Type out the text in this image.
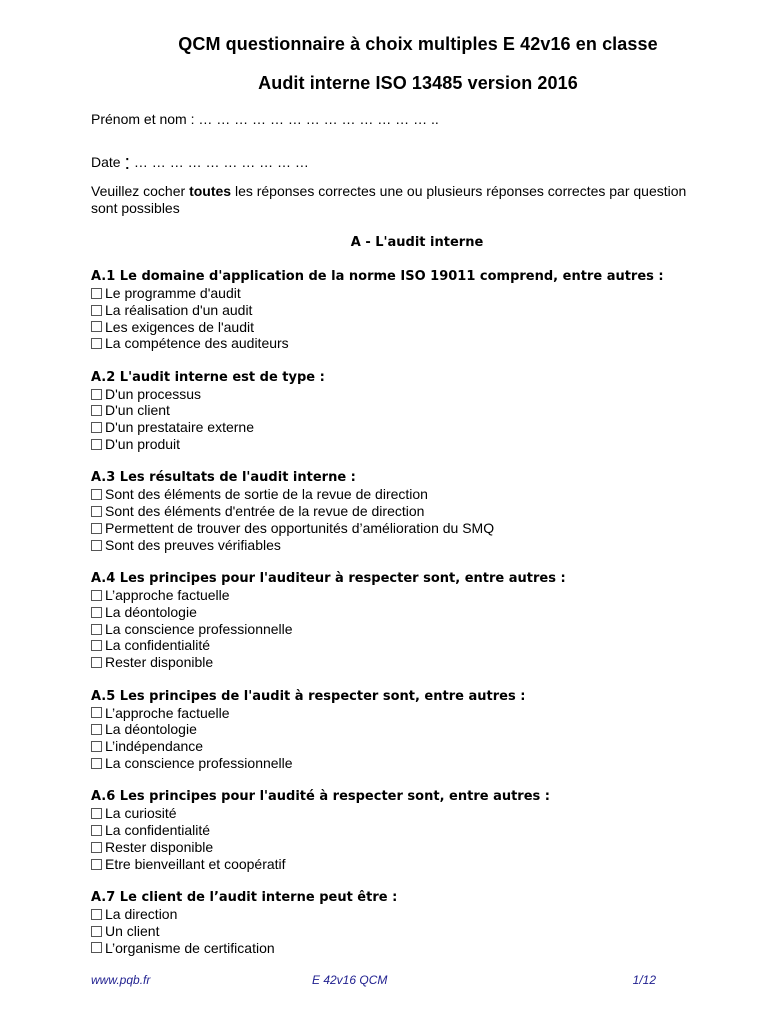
QCM questionnaire à choix multiples E 42v16 en classe
Audit interne ISO 13485 version 2016
Prénom et nom : … … … … … … … … … … … … … ..
Date : … … … … … … … … … …
Veuillez cocher toutes les réponses correctes une ou plusieurs réponses correctes par question sont possibles
A - L'audit interne
A.1 Le domaine d'application de la norme ISO 19011 comprend, entre autres :
Le programme d'audit
La réalisation d'un audit
Les exigences de l'audit
La compétence des auditeurs
A.2 L'audit interne est de type :
D'un processus
D'un client
D'un prestataire externe
D'un produit
A.3 Les résultats de l'audit interne :
Sont des éléments de sortie de la revue de direction
Sont des éléments d'entrée de la revue de direction
Permettent de trouver des opportunités d’amélioration du SMQ
Sont des preuves vérifiables
A.4 Les principes pour l'auditeur à respecter sont, entre autres :
L’approche factuelle
La déontologie
La conscience professionnelle
La confidentialité
Rester disponible
A.5 Les principes de l'audit à respecter sont, entre autres :
L’approche factuelle
La déontologie
L’indépendance
La conscience professionnelle
A.6 Les principes pour l'audité à respecter sont, entre autres :
La curiosité
La confidentialité
Rester disponible
Etre bienveillant et coopératif
A.7 Le client de l’audit interne peut être :
La direction
Un client
L’organisme de certification
www.pqb.fr	E 42v16 QCM	1/12
